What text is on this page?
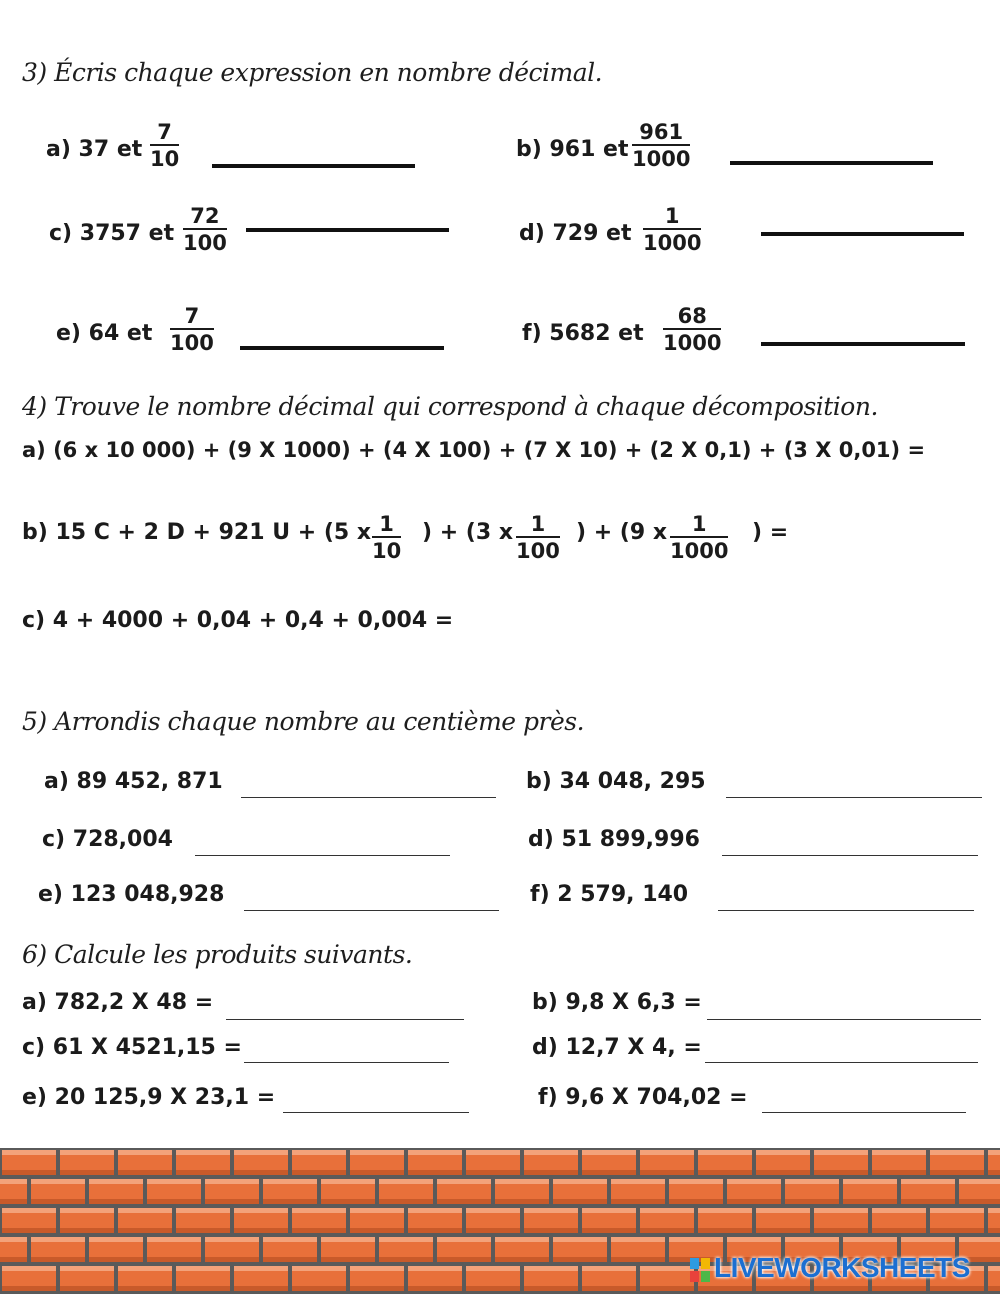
3) Écris chaque expression en nombre décimal.
a) 37 et $\frac{7}{10}$	b) 961 et $\frac{961}{1000}$
c) 3757 et $\frac{72}{100}$	d) 729 et $\frac{1}{1000}$
e) 64 et $\frac{7}{100}$	f) 5682 et $\frac{68}{1000}$
4) Trouve le nombre décimal qui correspond à chaque décomposition.
a) (6 x 10 000) + (9 X 1000) + (4 X 100) + (7 X 10) + (2 X 0,1) + (3 X 0,01) =
b) 15 C + 2 D + 921 U + (5 x $\frac{1}{10}$ ) + (3 x $\frac{1}{100}$ ) + (9 x $\frac{1}{1000}$ ) =
c) 4 + 4000 + 0,04 + 0,4 + 0,004 =
5) Arrondis chaque nombre au centième près.
a) 89 452, 871	b) 34 048, 295
c) 728,004	d) 51 899,996
e) 123 048,928	f) 2 579, 140
6) Calcule les produits suivants.
a) 782,2 X 48 =	b) 9,8 X 6,3 =
c) 61 X 4521,15 =	d) 12,7 X 4, =
e) 20 125,9 X 23,1 =	f) 9,6 X 704,02 =
LIVEWORKSHEETS
